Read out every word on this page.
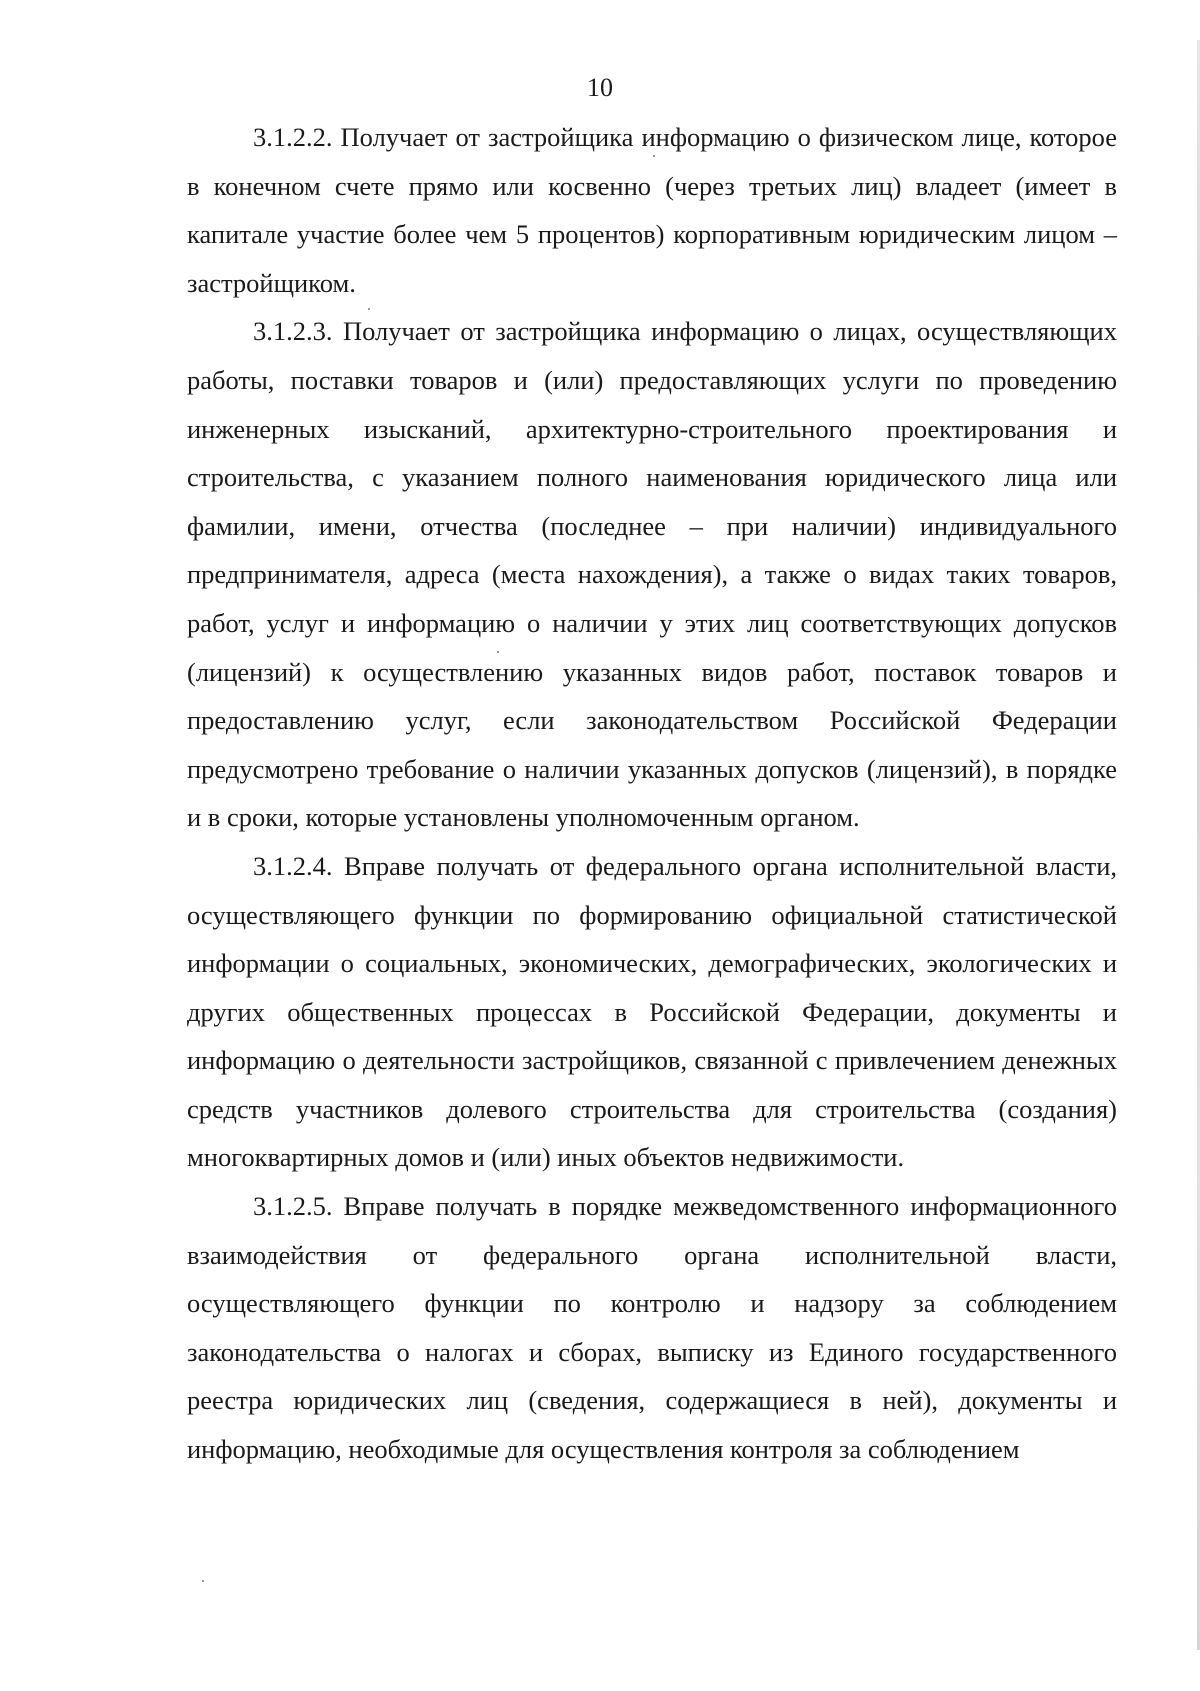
10

3.1.2.2. Получает от застройщика информацию о физическом лице, которое в конечном счете прямо или косвенно (через третьих лиц) владеет (имеет в капитале участие более чем 5 процентов) корпоративным юридическим лицом – застройщиком.

3.1.2.3. Получает от застройщика информацию о лицах, осуществляющих работы, поставки товаров и (или) предоставляющих услуги по проведению инженерных изысканий, архитектурно-строительного проектирования и строительства, с указанием полного наименования юридического лица или фамилии, имени, отчества (последнее – при наличии) индивидуального предпринимателя, адреса (места нахождения), а также о видах таких товаров, работ, услуг и информацию о наличии у этих лиц соответствующих допусков (лицензий) к осуществлению указанных видов работ, поставок товаров и предоставлению услуг, если законодательством Российской Федерации предусмотрено требование о наличии указанных допусков (лицензий), в порядке и в сроки, которые установлены уполномоченным органом.

3.1.2.4. Вправе получать от федерального органа исполнительной власти, осуществляющего функции по формированию официальной статистической информации о социальных, экономических, демографических, экологических и других общественных процессах в Российской Федерации, документы и информацию о деятельности застройщиков, связанной с привлечением денежных средств участников долевого строительства для строительства (создания) многоквартирных домов и (или) иных объектов недвижимости.

3.1.2.5. Вправе получать в порядке межведомственного информационного взаимодействия от федерального органа исполнительной власти, осуществляющего функции по контролю и надзору за соблюдением законодательства о налогах и сборах, выписку из Единого государственного реестра юридических лиц (сведения, содержащиеся в ней), документы и информацию, необходимые для осуществления контроля за соблюдением
